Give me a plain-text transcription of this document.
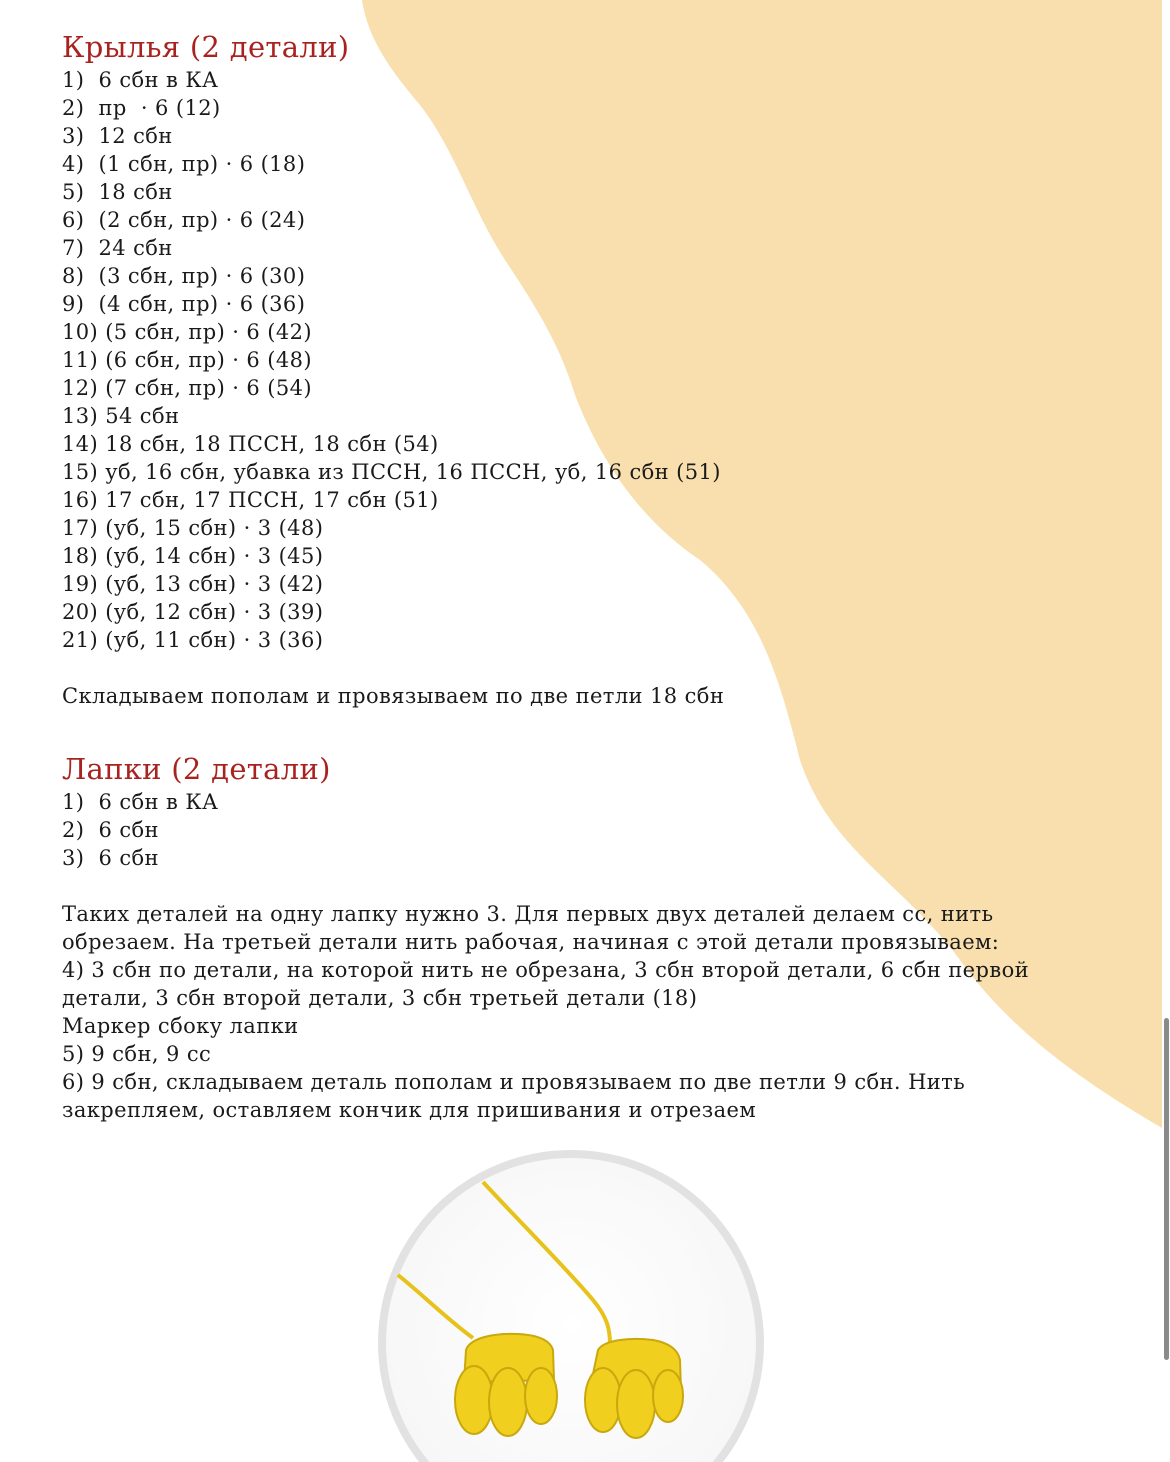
Крылья (2 детали)
1)  6 сбн в КА
2)  пр  · 6 (12)
3)  12 сбн
4)  (1 сбн, пр) · 6 (18)
5)  18 сбн
6)  (2 сбн, пр) · 6 (24)
7)  24 сбн
8)  (3 сбн, пр) · 6 (30)
9)  (4 сбн, пр) · 6 (36)
10) (5 сбн, пр) · 6 (42)
11) (6 сбн, пр) · 6 (48)
12) (7 сбн, пр) · 6 (54)
13) 54 сбн
14) 18 сбн, 18 ПССН, 18 сбн (54)
15) уб, 16 сбн, убавка из ПССН, 16 ПССН, уб, 16 сбн (51)
16) 17 сбн, 17 ПССН, 17 сбн (51)
17) (уб, 15 сбн) · 3 (48)
18) (уб, 14 сбн) · 3 (45)
19) (уб, 13 сбн) · 3 (42)
20) (уб, 12 сбн) · 3 (39)
21) (уб, 11 сбн) · 3 (36)

Складываем пополам и провязываем по две петли 18 сбн

Лапки (2 детали)
1)  6 сбн в КА
2)  6 сбн
3)  6 сбн

Таких деталей на одну лапку нужно 3. Для первых двух деталей делаем сс, нить
обрезаем. На третьей детали нить рабочая, начиная с этой детали провязываем:
4) 3 сбн по детали, на которой нить не обрезана, 3 сбн второй детали, 6 сбн первой
детали, 3 сбн второй детали, 3 сбн третьей детали (18)
Маркер сбоку лапки
5) 9 сбн, 9 сс
6) 9 сбн, складываем деталь пополам и провязываем по две петли 9 сбн. Нить
закрепляем, оставляем кончик для пришивания и отрезаем
